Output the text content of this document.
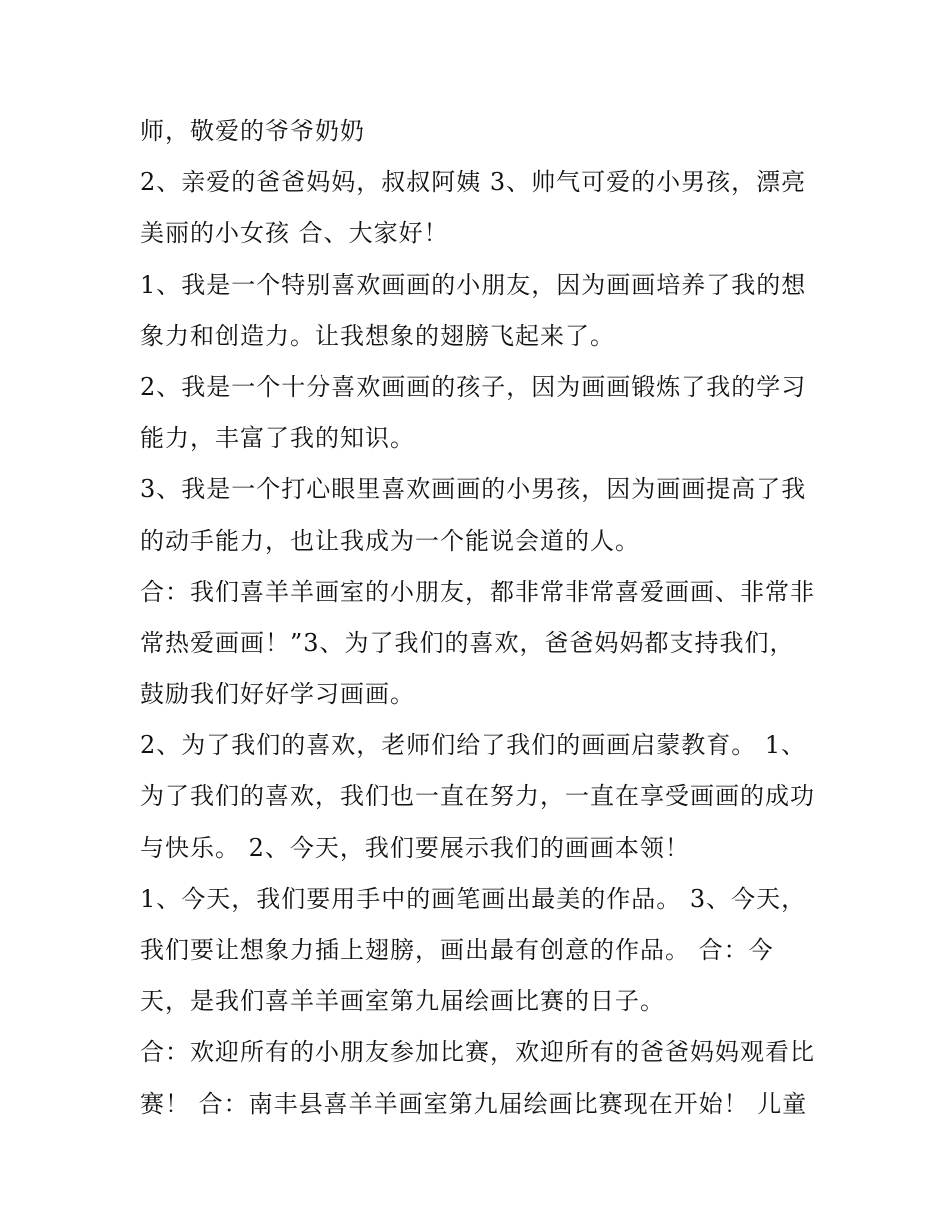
师，敬爱的爷爷奶奶
2、亲爱的爸爸妈妈，叔叔阿姨 3、帅气可爱的小男孩，漂亮
美丽的小女孩 合、大家好！
1、我是一个特别喜欢画画的小朋友，因为画画培养了我的想
象力和创造力。让我想象的翅膀飞起来了。
2、我是一个十分喜欢画画的孩子，因为画画锻炼了我的学习
能力，丰富了我的知识。
3、我是一个打心眼里喜欢画画的小男孩，因为画画提高了我
的动手能力，也让我成为一个能说会道的人。
合：我们喜羊羊画室的小朋友，都非常非常喜爱画画、非常非
常热爱画画！”3、为了我们的喜欢，爸爸妈妈都支持我们，
鼓励我们好好学习画画。
2、为了我们的喜欢，老师们给了我们的画画启蒙教育。 1、
为了我们的喜欢，我们也一直在努力，一直在享受画画的成功
与快乐。 2、今天，我们要展示我们的画画本领！
1、今天，我们要用手中的画笔画出最美的作品。 3、今天，
我们要让想象力插上翅膀，画出最有创意的作品。 合：今
天，是我们喜羊羊画室第九届绘画比赛的日子。
合：欢迎所有的小朋友参加比赛，欢迎所有的爸爸妈妈观看比
赛！ 合：南丰县喜羊羊画室第九届绘画比赛现在开始！ 儿童
